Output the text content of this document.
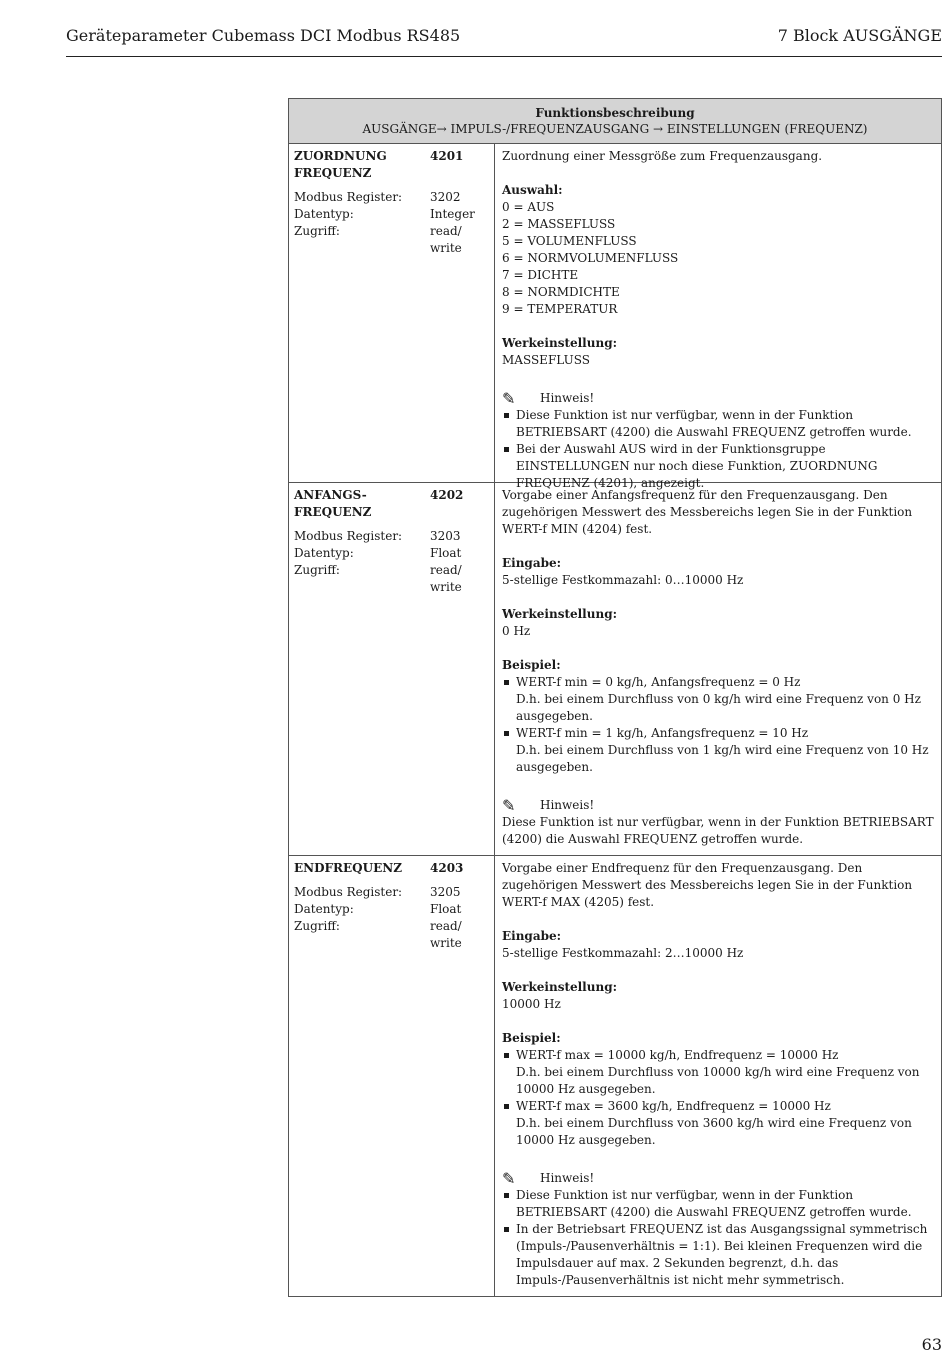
Geräteparameter Cubemass DCI Modbus RS485	7 Block AUSGÄNGE
Funktionsbeschreibung
AUSGÄNGE→ IMPULS-/FREQUENZAUSGANG → EINSTELLUNGEN (FREQUENZ)
ZUORDNUNG FREQUENZ
4201
Modbus Register:	3202
Datentyp:	Integer
Zugriff:	read/ write
Zuordnung einer Messgröße zum Frequenzausgang.
Auswahl:
0 = AUS
2 = MASSEFLUSS
5 = VOLUMENFLUSS
6 = NORMVOLUMENFLUSS
7 = DICHTE
8 = NORMDICHTE
9 = TEMPERATUR
Werkeinstellung:
MASSEFLUSS
✎	Hinweis!
Diese Funktion ist nur verfügbar, wenn in der Funktion BETRIEBSART (4200) die Auswahl FREQUENZ getroffen wurde.
Bei der Auswahl AUS wird in der Funktionsgruppe EINSTELLUNGEN nur noch diese Funktion, ZUORDNUNG FREQUENZ (4201), angezeigt.
ANFANGS-FREQUENZ
4202
Modbus Register:	3203
Datentyp:	Float
Zugriff:	read/ write
Vorgabe einer Anfangsfrequenz für den Frequenzausgang. Den zugehörigen Messwert des Messbereichs legen Sie in der Funktion WERT-f MIN (4204) fest.
Eingabe:
5-stellige Festkommazahl: 0…10000 Hz
Werkeinstellung:
0 Hz
Beispiel:
WERT-f min = 0 kg/h, Anfangsfrequenz = 0 Hz
D.h. bei einem Durchfluss von 0 kg/h wird eine Frequenz von 0 Hz ausgegeben.
WERT-f min = 1 kg/h, Anfangsfrequenz = 10 Hz
D.h. bei einem Durchfluss von 1 kg/h wird eine Frequenz von 10 Hz ausgegeben.
✎	Hinweis!
Diese Funktion ist nur verfügbar, wenn in der Funktion BETRIEBSART (4200) die Auswahl FREQUENZ getroffen wurde.
ENDFREQUENZ	4203
Modbus Register:	3205
Datentyp:	Float
Zugriff:	read/ write
Vorgabe einer Endfrequenz für den Frequenzausgang. Den zugehörigen Messwert des Messbereichs legen Sie in der Funktion WERT-f MAX (4205) fest.
Eingabe:
5-stellige Festkommazahl: 2…10000 Hz
Werkeinstellung:
10000 Hz
Beispiel:
WERT-f max = 10000 kg/h, Endfrequenz = 10000 Hz
D.h. bei einem Durchfluss von 10000 kg/h wird eine Frequenz von 10000 Hz ausgegeben.
WERT-f max = 3600 kg/h, Endfrequenz = 10000 Hz
D.h. bei einem Durchfluss von 3600 kg/h wird eine Frequenz von 10000 Hz ausgegeben.
✎	Hinweis!
Diese Funktion ist nur verfügbar, wenn in der Funktion BETRIEBSART (4200) die Auswahl FREQUENZ getroffen wurde.
In der Betriebsart FREQUENZ ist das Ausgangssignal symmetrisch (Impuls-/Pausenverhältnis = 1:1). Bei kleinen Frequenzen wird die Impulsdauer auf max. 2 Sekunden begrenzt, d.h. das Impuls-/Pausenverhältnis ist nicht mehr symmetrisch.
63
